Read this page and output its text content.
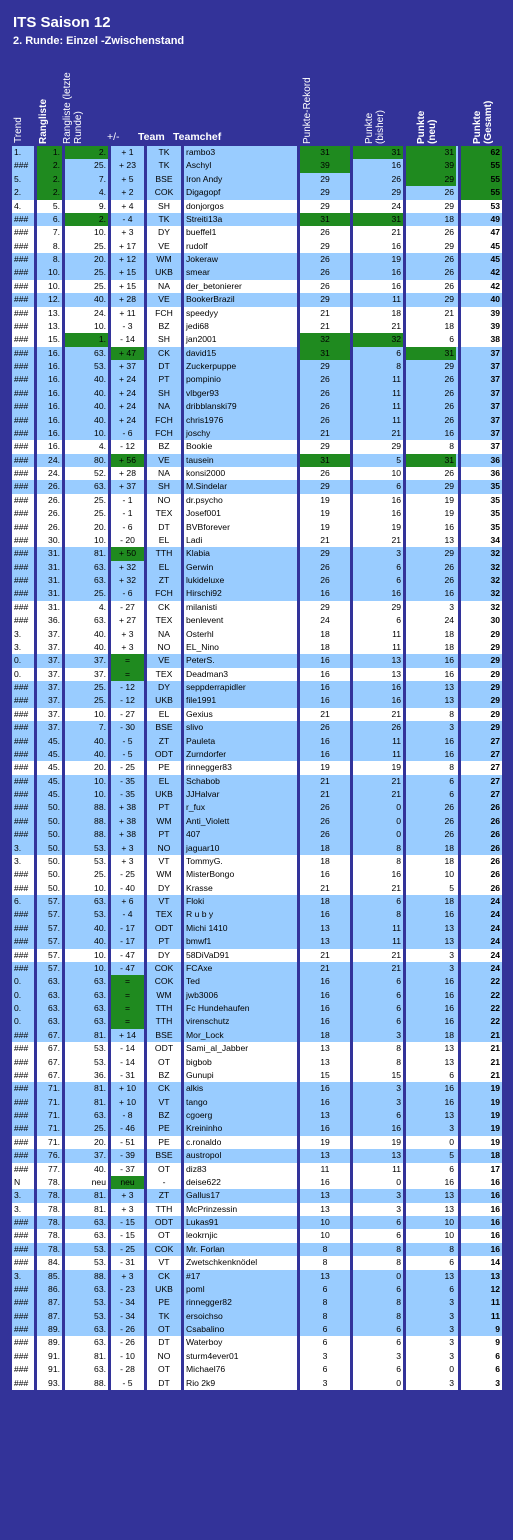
ITS Saison 12
2. Runde: Einzel -Zwischenstand
Trend Rangliste Rangliste (letzte Runde) +/- Team Teamchef	Punkte-Rekord	Punkte (bisher)	Punkte (neu)	Punkte (Gesamt)
1.	1.	2.	+ 1	TK	rambo3	31	31	31	62
###	2.	25.	+ 23	TK	Aschyl	39	16	39	55
5.	2.	7.	+ 5	BSE	Iron Andy	29	26	29	55
2.	2.	4.	+ 2	COK	Digagopf	29	29	26	55
4.	5.	9.	+ 4	SH	donjorgos	29	24	29	53
###	6.	2.	- 4	TK	Streiti13a	31	31	18	49
###	7.	10.	+ 3	DY	bueffel1	26	21	26	47
###	8.	25.	+ 17	VE	rudolf	29	16	29	45
###	8.	20.	+ 12	WM	Jokeraw	26	19	26	45
###	10.	25.	+ 15	UKB	smear	26	16	26	42
###	10.	25.	+ 15	NA	der_betonierer	26	16	26	42
###	12.	40.	+ 28	VE	BookerBrazil	29	11	29	40
###	13.	24.	+ 11	FCH	speedyy	21	18	21	39
###	13.	10.	- 3	BZ	jedi68	21	21	18	39
###	15.	1.	- 14	SH	jan2001	32	32	6	38
###	16.	63.	+ 47	CK	david15	31	6	31	37
###	16.	53.	+ 37	DT	Zuckerpuppe	29	8	29	37
###	16.	40.	+ 24	PT	pompinio	26	11	26	37
###	16.	40.	+ 24	SH	vlbger93	26	11	26	37
###	16.	40.	+ 24	NA	dribblanski79	26	11	26	37
###	16.	40.	+ 24	FCH	chris1976	26	11	26	37
###	16.	10.	- 6	FCH	joschy	21	21	16	37
###	16.	4.	- 12	BZ	Bookie	29	29	8	37
###	24.	80.	+ 56	VE	tausein	31	5	31	36
###	24.	52.	+ 28	NA	konsi2000	26	10	26	36
###	26.	63.	+ 37	SH	M.Sindelar	29	6	29	35
###	26.	25.	- 1	NO	dr.psycho	19	16	19	35
###	26.	25.	- 1	TEX	Josef001	19	16	19	35
###	26.	20.	- 6	DT	BVBforever	19	19	16	35
###	30.	10.	- 20	EL	Ladi	21	21	13	34
###	31.	81.	+ 50	TTH	Klabia	29	3	29	32
###	31.	63.	+ 32	EL	Gerwin	26	6	26	32
###	31.	63.	+ 32	ZT	lukideluxe	26	6	26	32
###	31.	25.	- 6	FCH	Hirschi92	16	16	16	32
###	31.	4.	- 27	CK	milanisti	29	29	3	32
###	36.	63.	+ 27	TEX	benlevent	24	6	24	30
3.	37.	40.	+ 3	NA	Osterhl	18	11	18	29
3.	37.	40.	+ 3	NO	EL_Nino	18	11	18	29
0.	37.	37.	=	VE	PeterS.	16	13	16	29
0.	37.	37.	=	TEX	Deadman3	16	13	16	29
###	37.	25.	- 12	DY	seppderrapidler	16	16	13	29
###	37.	25.	- 12	UKB	file1991	16	16	13	29
###	37.	10.	- 27	EL	Gexius	21	21	8	29
###	37.	7.	- 30	BSE	slivo	26	26	3	29
###	45.	40.	- 5	ZT	Pauleta	16	11	16	27
###	45.	40.	- 5	ODT	Zurndorfer	16	11	16	27
###	45.	20.	- 25	PE	rinnegger83	19	19	8	27
###	45.	10.	- 35	EL	Schabob	21	21	6	27
###	45.	10.	- 35	UKB	JJHalvar	21	21	6	27
###	50.	88.	+ 38	PT	r_fux	26	0	26	26
###	50.	88.	+ 38	WM	Anti_Violett	26	0	26	26
###	50.	88.	+ 38	PT	407	26	0	26	26
3.	50.	53.	+ 3	NO	jaguar10	18	8	18	26
3.	50.	53.	+ 3	VT	TommyG.	18	8	18	26
###	50.	25.	- 25	WM	MisterBongo	16	16	10	26
###	50.	10.	- 40	DY	Krasse	21	21	5	26
6.	57.	63.	+ 6	VT	Floki	18	6	18	24
###	57.	53.	- 4	TEX	R u b y	16	8	16	24
###	57.	40.	- 17	ODT	Michi 1410	13	11	13	24
###	57.	40.	- 17	PT	bmwf1	13	11	13	24
###	57.	10.	- 47	DY	58DiVaD91	21	21	3	24
###	57.	10.	- 47	COK	FCAxe	21	21	3	24
0.	63.	63.	=	COK	Ted	16	6	16	22
0.	63.	63.	=	WM	jwb3006	16	6	16	22
0.	63.	63.	=	TTH	Fc Hundehaufen	16	6	16	22
0.	63.	63.	=	TTH	virenschutz	16	6	16	22
###	67.	81.	+ 14	BSE	Mor_Lock	18	3	18	21
###	67.	53.	- 14	ODT	Sami_al_Jabber	13	8	13	21
###	67.	53.	- 14	OT	bigbob	13	8	13	21
###	67.	36.	- 31	BZ	Gunupi	15	15	6	21
###	71.	81.	+ 10	CK	alkis	16	3	16	19
###	71.	81.	+ 10	VT	tango	16	3	16	19
###	71.	63.	- 8	BZ	cgoerg	13	6	13	19
###	71.	25.	- 46	PE	Kreininho	16	16	3	19
###	71.	20.	- 51	PE	c.ronaldo	19	19	0	19
###	76.	37.	- 39	BSE	austropol	13	13	5	18
###	77.	40.	- 37	OT	diz83	11	11	6	17
N	78.	neu	neu	-	deise622	16	0	16	16
3.	78.	81.	+ 3	ZT	Gallus17	13	3	13	16
3.	78.	81.	+ 3	TTH	McPrinzessin	13	3	13	16
###	78.	63.	- 15	ODT	Lukas91	10	6	10	16
###	78.	63.	- 15	OT	leokrnjic	10	6	10	16
###	78.	53.	- 25	COK	Mr. Forlan	8	8	8	16
###	84.	53.	- 31	VT	Zwetschkenknödel	8	8	6	14
3.	85.	88.	+ 3	CK	#17	13	0	13	13
###	86.	63.	- 23	UKB	poml	6	6	6	12
###	87.	53.	- 34	PE	rinnegger82	8	8	3	11
###	87.	53.	- 34	TK	ersoichso	8	8	3	11
###	89.	63.	- 26	OT	Csabalino	6	6	3	9
###	89.	63.	- 26	DT	Waterboy	6	6	3	9
###	91.	81.	- 10	NO	sturm4ever01	3	3	3	6
###	91.	63.	- 28	OT	Michael76	6	6	0	6
###	93.	88.	- 5	DT	Rio 2k9	3	0	3	3
